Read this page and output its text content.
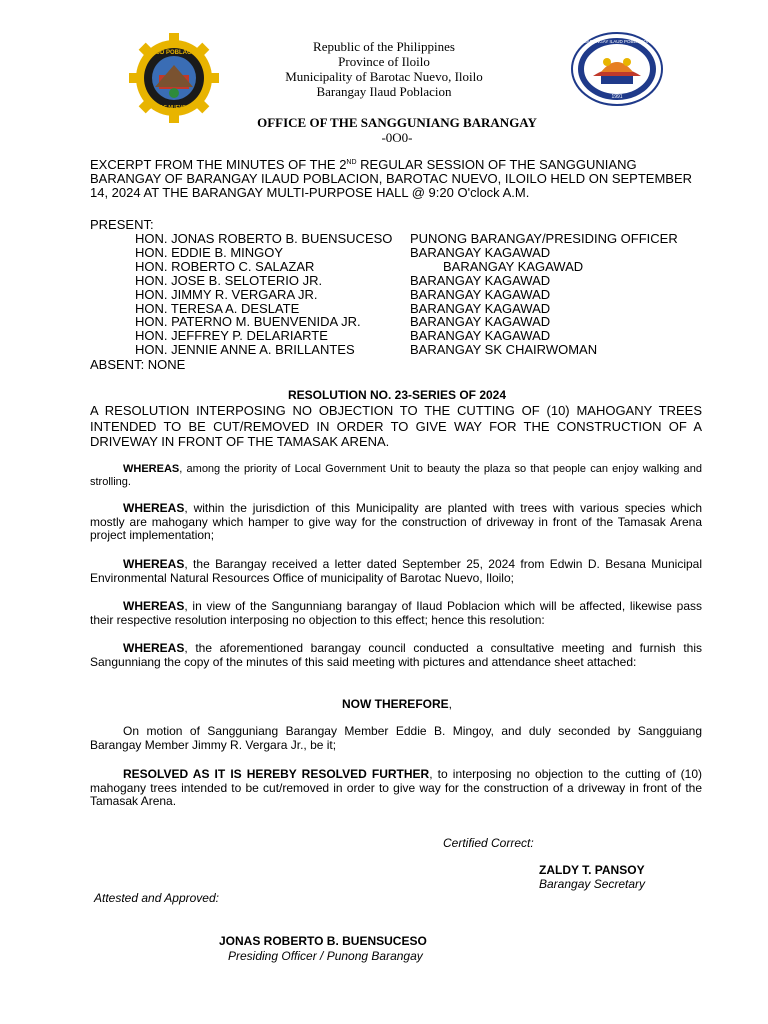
ILAUD POBLACION
BAROTAC NUEVO, ILOILO
BARANGAY ILAUD POBLACION
1991
Republic of the Philippines
Province of Iloilo
Municipality of Barotac Nuevo, Iloilo
Barangay Ilaud Poblacion
OFFICE OF THE SANGGUNIANG BARANGAY
-0O0-
EXCERPT FROM THE MINUTES OF THE 2ND REGULAR SESSION OF THE SANGGUNIANG BARANGAY OF BARANGAY ILAUD POBLACION, BAROTAC NUEVO, ILOILO HELD ON SEPTEMBER 14, 2024 AT THE BARANGAY MULTI-PURPOSE HALL @ 9:20 O'clock A.M.
PRESENT:
HON. JONAS ROBERTO B. BUENSUCESO	PUNONG BARANGAY/PRESIDING OFFICER
HON. EDDIE B. MINGOY	BARANGAY KAGAWAD
HON. ROBERTO C. SALAZAR	BARANGAY KAGAWAD
HON. JOSE B. SELOTERIO JR.	BARANGAY KAGAWAD
HON. JIMMY R. VERGARA JR.	BARANGAY KAGAWAD
HON. TERESA A. DESLATE	BARANGAY KAGAWAD
HON. PATERNO M. BUENVENIDA JR.	BARANGAY KAGAWAD
HON. JEFFREY P. DELARIARTE	BARANGAY KAGAWAD
HON. JENNIE ANNE A. BRILLANTES	BARANGAY SK CHAIRWOMAN
ABSENT: NONE
RESOLUTION NO. 23-SERIES OF 2024
A RESOLUTION INTERPOSING NO OBJECTION TO THE CUTTING OF (10) MAHOGANY TREES INTENDED TO BE CUT/REMOVED IN ORDER TO GIVE WAY FOR THE CONSTRUCTION OF A DRIVEWAY IN FRONT OF THE TAMASAK ARENA.
WHEREAS, among the priority of Local Government Unit to beauty the plaza so that people can enjoy walking and strolling.
WHEREAS, within the jurisdiction of this Municipality are planted with trees with various species which mostly are mahogany which hamper to give way for the construction of driveway in front of the Tamasak Arena project implementation;
WHEREAS, the Barangay received a letter dated September 25, 2024 from Edwin D. Besana Municipal Environmental Natural Resources Office of municipality of Barotac Nuevo, Iloilo;
WHEREAS, in view of the Sangunniang barangay of Ilaud Poblacion which will be affected, likewise pass their respective resolution interposing no objection to this effect; hence this resolution:
WHEREAS, the aforementioned barangay council conducted a consultative meeting and furnish this Sangunniang the copy of the minutes of this said meeting with pictures and attendance sheet attached:
NOW THEREFORE,
On motion of Sangguniang Barangay Member Eddie B. Mingoy, and duly seconded by Sangguiang Barangay Member Jimmy R. Vergara Jr., be it;
RESOLVED AS IT IS HEREBY RESOLVED FURTHER, to interposing no objection to the cutting of (10) mahogany trees intended to be cut/removed in order to give way for the construction of a driveway in front of the Tamasak Arena.
Certified Correct:
ZALDY T. PANSOY
Barangay Secretary
Attested and Approved:
JONAS ROBERTO B. BUENSUCESO
Presiding Officer / Punong Barangay
